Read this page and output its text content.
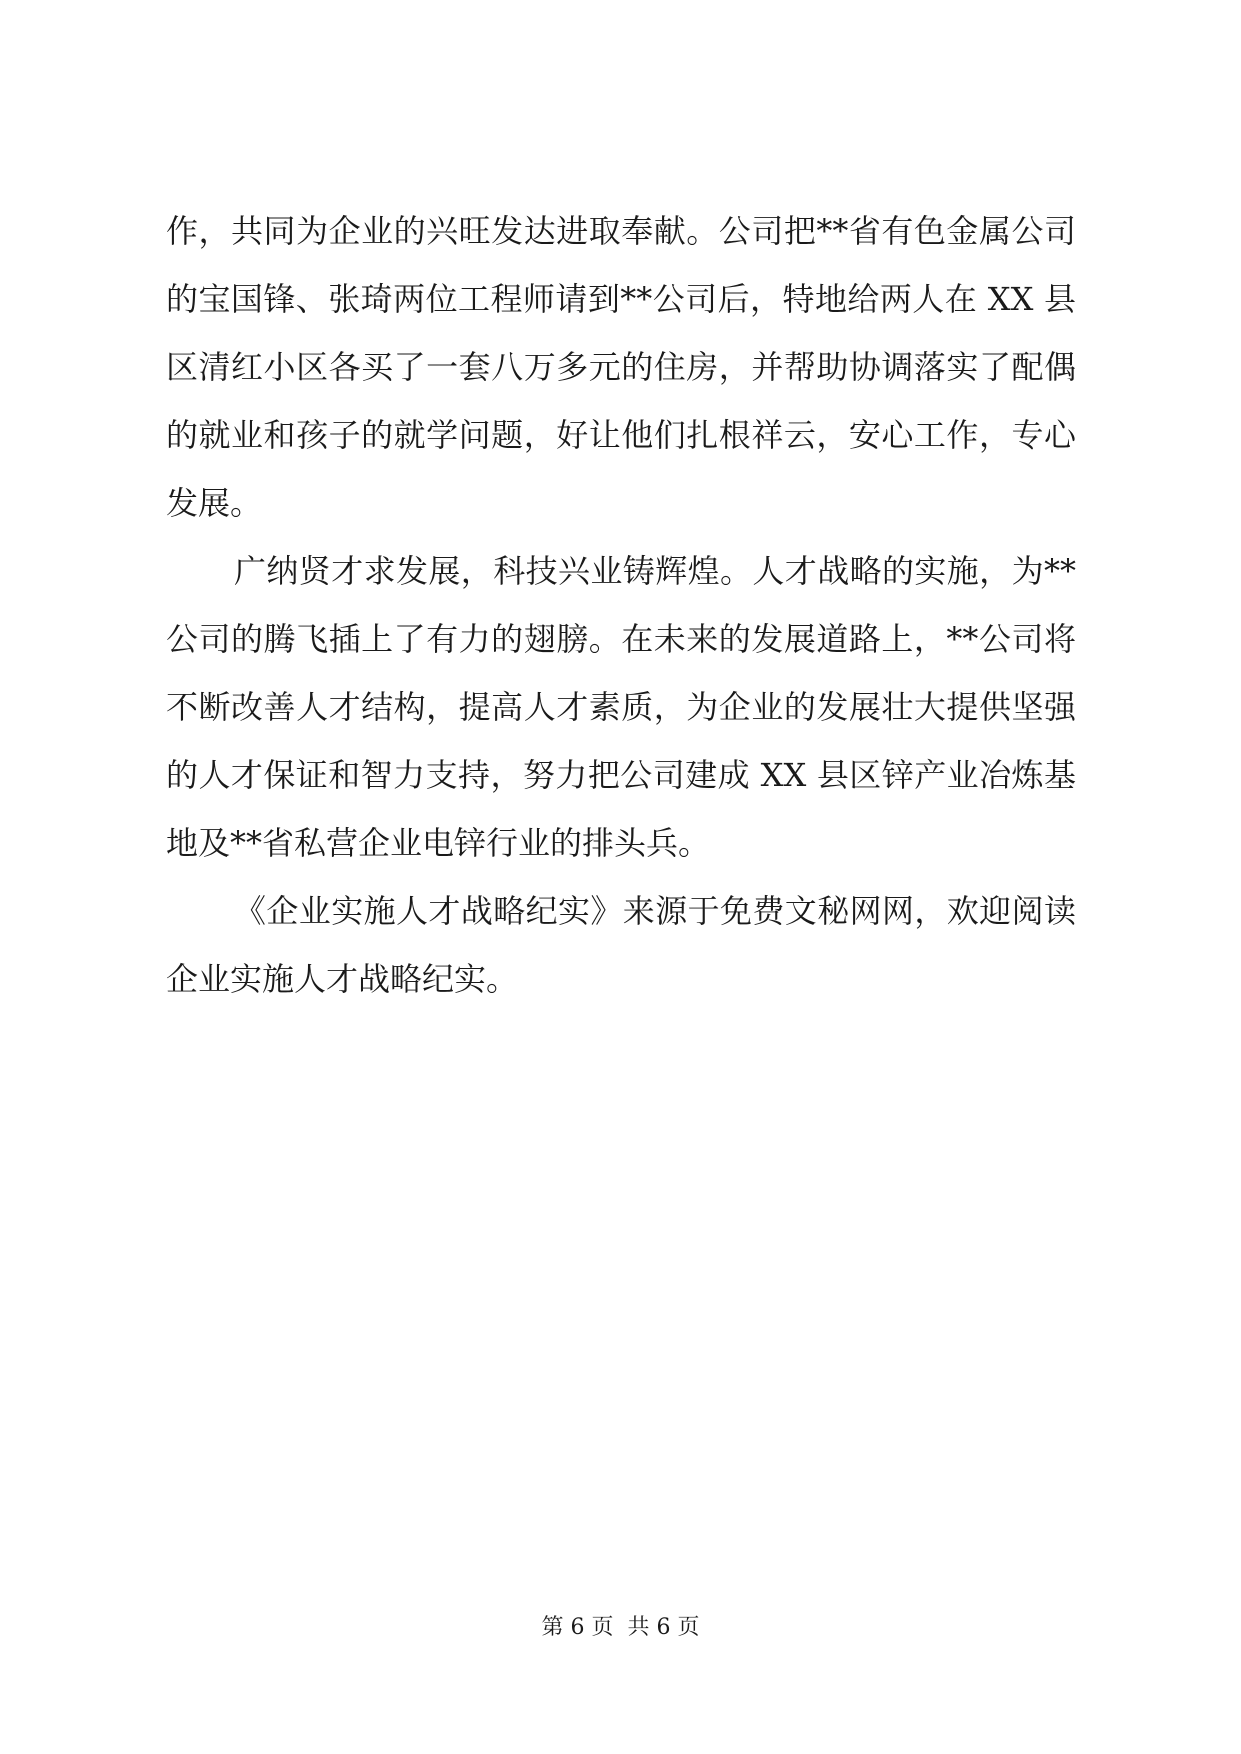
作，共同为企业的兴旺发达进取奉献。公司把**省有色金属公司
的宝国锋、张琦两位工程师请到**公司后，特地给两人在 XX 县
区清红小区各买了一套八万多元的住房，并帮助协调落实了配偶
的就业和孩子的就学问题，好让他们扎根祥云，安心工作，专心
发展。
广纳贤才求发展，科技兴业铸辉煌。人才战略的实施，为**
公司的腾飞插上了有力的翅膀。在未来的发展道路上，**公司将
不断改善人才结构，提高人才素质，为企业的发展壮大提供坚强
的人才保证和智力支持，努力把公司建成 XX 县区锌产业冶炼基
地及**省私营企业电锌行业的排头兵。
《企业实施人才战略纪实》来源于免费文秘网网，欢迎阅读
企业实施人才战略纪实。
第 6 页  共 6 页
